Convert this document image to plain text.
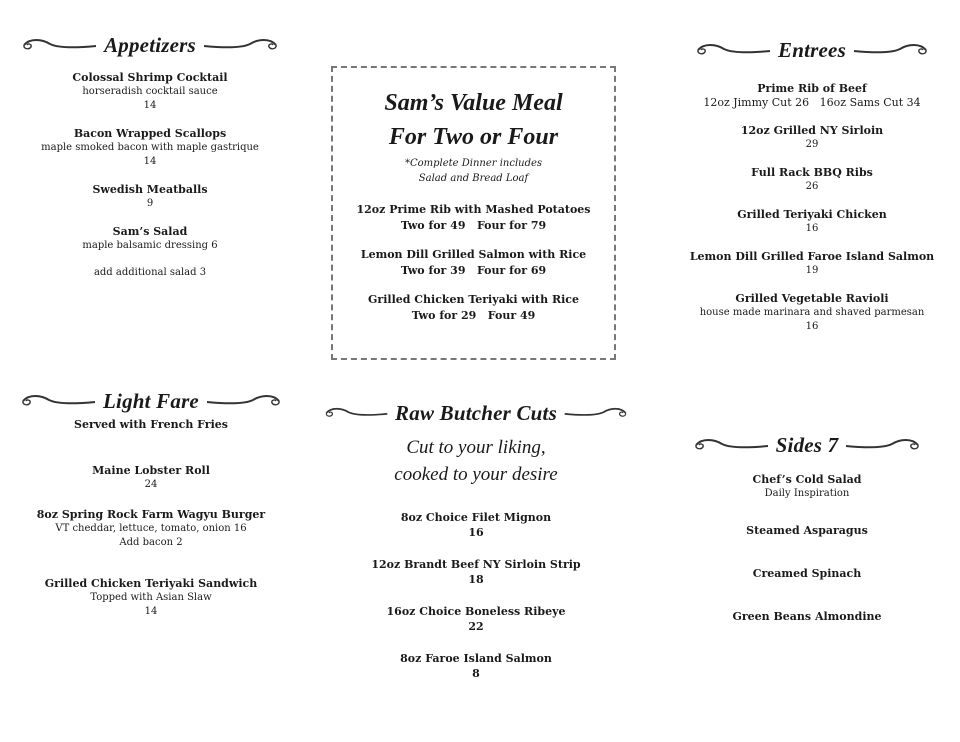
Appetizers
Colossal Shrimp Cocktail
horseradish cocktail sauce
14
Bacon Wrapped Scallops
maple smoked bacon with maple gastrique
14
Swedish Meatballs
9
Sam’s Salad
maple balsamic dressing 6
add additional salad 3
Sam’s Value Meal
For Two or Four
*Complete Dinner includes
Salad and Bread Loaf
12oz Prime Rib with Mashed Potatoes
Two for 49   Four for 79
Lemon Dill Grilled Salmon with Rice
Two for 39   Four for 69
Grilled Chicken Teriyaki with Rice
Two for 29   Four 49
Entrees
Prime Rib of Beef
12oz Jimmy Cut 26   16oz Sams Cut 34
12oz Grilled NY Sirloin
29
Full Rack BBQ Ribs
26
Grilled Teriyaki Chicken
16
Lemon Dill Grilled Faroe Island Salmon
19
Grilled Vegetable Ravioli
house made marinara and shaved parmesan
16
Light Fare
Served with French Fries
Maine Lobster Roll
24
8oz Spring Rock Farm Wagyu Burger
VT cheddar, lettuce, tomato, onion 16
Add bacon 2
Grilled Chicken Teriyaki Sandwich
Topped with Asian Slaw
14
Raw Butcher Cuts
Cut to your liking,
cooked to your desire
8oz Choice Filet Mignon
16
12oz Brandt Beef NY Sirloin Strip
18
16oz Choice Boneless Ribeye
22
8oz Faroe Island Salmon
8
Sides 7
Chef’s Cold Salad
Daily Inspiration
Steamed Asparagus
Creamed Spinach
Green Beans Almondine
